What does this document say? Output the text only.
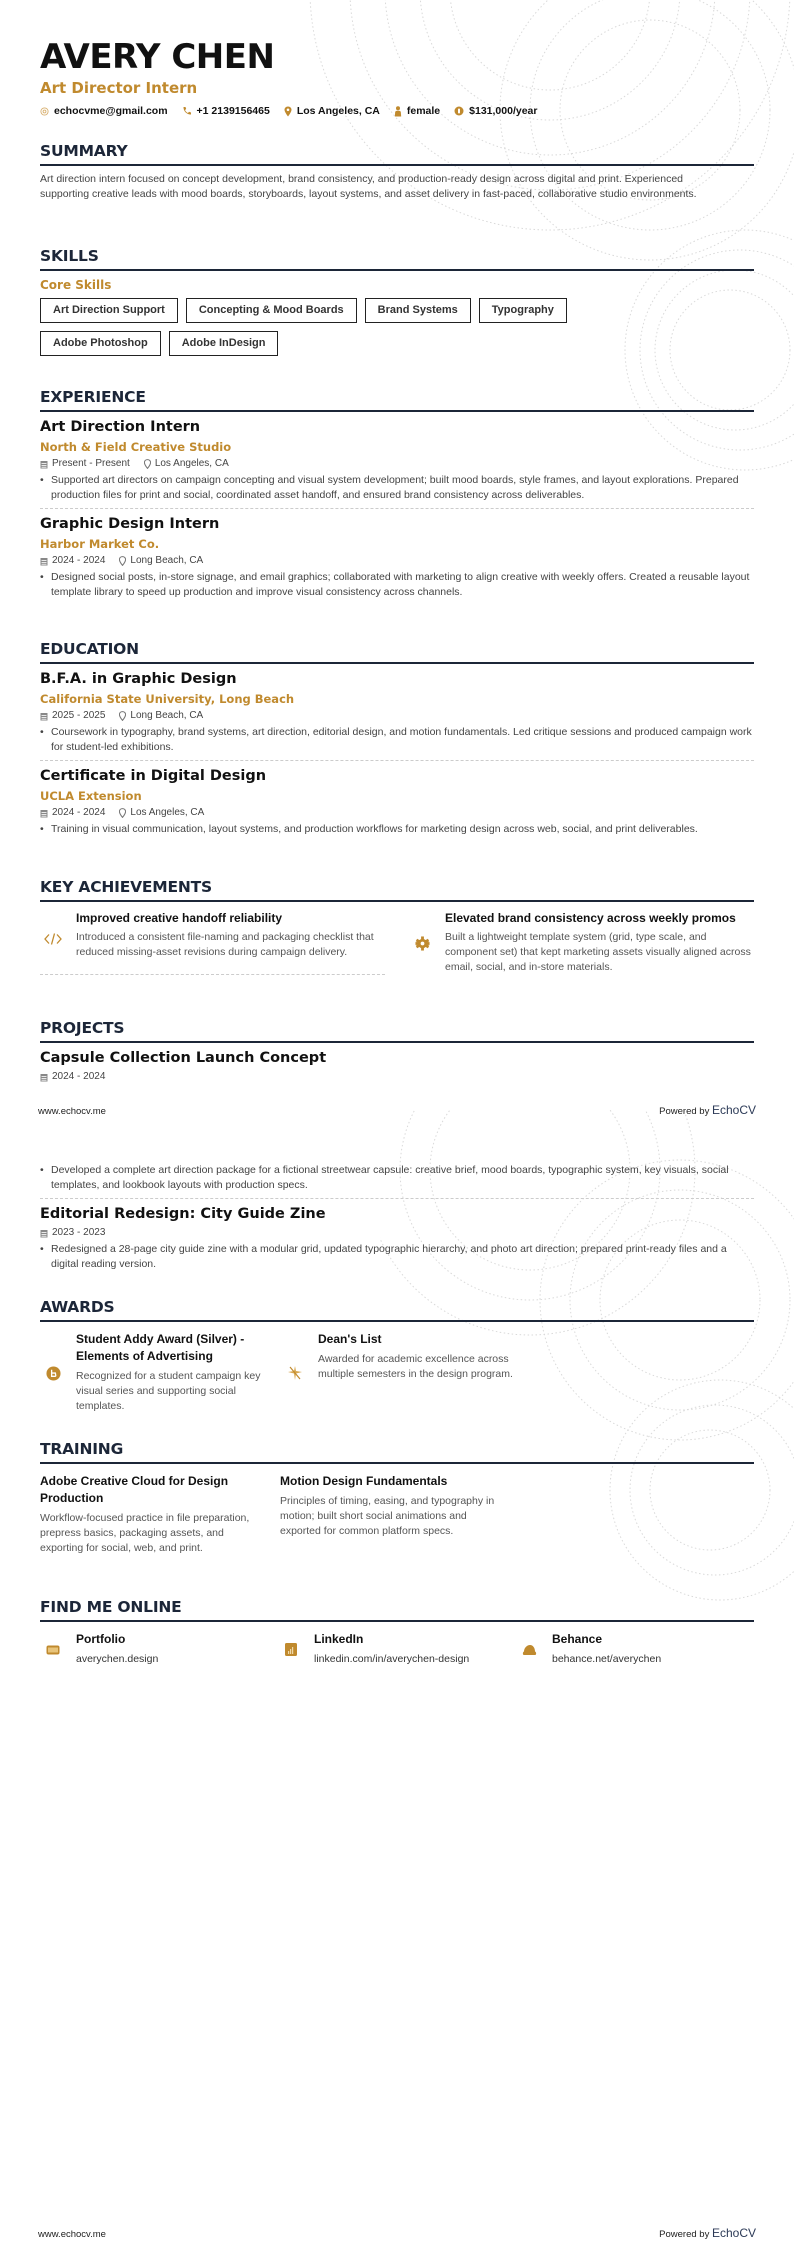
AVERY CHEN
Art Director Intern
echocvme@gmail.com	+1 2139156465	Los Angeles, CA	female	$131,000/year
SUMMARY
Art direction intern focused on concept development, brand consistency, and production-ready design across digital and print. Experienced supporting creative leads with mood boards, storyboards, layout systems, and asset delivery in fast-paced, collaborative studio environments.
SKILLS
Core Skills
Art Direction Support	Concepting & Mood Boards	Brand Systems	Typography
Adobe Photoshop	Adobe InDesign
EXPERIENCE
Art Direction Intern
North & Field Creative Studio
Present - Present	Los Angeles, CA
• Supported art directors on campaign concepting and visual system development; built mood boards, style frames, and layout explorations. Prepared production files for print and social, coordinated asset handoff, and ensured brand consistency across deliverables.
Graphic Design Intern
Harbor Market Co.
2024 - 2024	Long Beach, CA
• Designed social posts, in-store signage, and email graphics; collaborated with marketing to align creative with weekly offers. Created a reusable layout template library to speed up production and improve visual consistency across channels.
EDUCATION
B.F.A. in Graphic Design
California State University, Long Beach
2025 - 2025	Long Beach, CA
• Coursework in typography, brand systems, art direction, editorial design, and motion fundamentals. Led critique sessions and produced campaign work for student-led exhibitions.
Certificate in Digital Design
UCLA Extension
2024 - 2024	Los Angeles, CA
• Training in visual communication, layout systems, and production workflows for marketing design across web, social, and print deliverables.
KEY ACHIEVEMENTS
Improved creative handoff reliability
Introduced a consistent file-naming and packaging checklist that reduced missing-asset revisions during campaign delivery.
Elevated brand consistency across weekly promos
Built a lightweight template system (grid, type scale, and component set) that kept marketing assets visually aligned across email, social, and in-store materials.
PROJECTS
Capsule Collection Launch Concept
2024 - 2024
www.echocv.me	Powered by EchoCV
• Developed a complete art direction package for a fictional streetwear capsule: creative brief, mood boards, typographic system, key visuals, social templates, and lookbook layouts with production specs.
Editorial Redesign: City Guide Zine
2023 - 2023
• Redesigned a 28-page city guide zine with a modular grid, updated typographic hierarchy, and photo art direction; prepared print-ready files and a digital reading version.
AWARDS
Student Addy Award (Silver) - Elements of Advertising
Recognized for a student campaign key visual series and supporting social templates.
Dean's List
Awarded for academic excellence across multiple semesters in the design program.
TRAINING
Adobe Creative Cloud for Design Production
Workflow-focused practice in file preparation, prepress basics, packaging assets, and exporting for social, web, and print.
Motion Design Fundamentals
Principles of timing, easing, and typography in motion; built short social animations and exported for common platform specs.
FIND ME ONLINE
Portfolio
averychen.design
LinkedIn
linkedin.com/in/averychen-design
Behance
behance.net/averychen
www.echocv.me	Powered by EchoCV
